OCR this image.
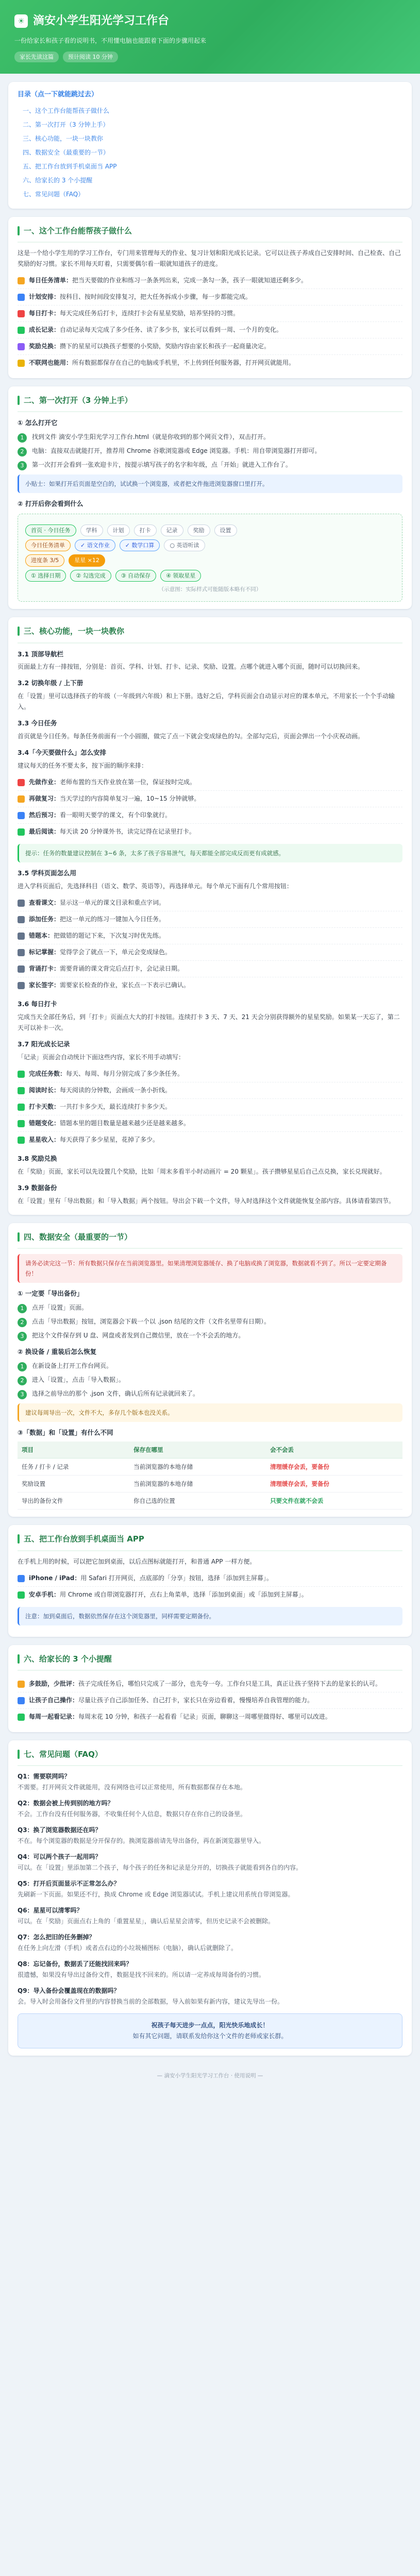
☀ 滴安小学生阳光学习工作台
一份给家长和孩子看的说明书，不用懂电脑也能跟着下面的步骤用起来
家长先读这篇	预计阅读 10 分钟
目录（点一下就能跳过去）
一、这个工作台能帮孩子做什么
二、第一次打开（3 分钟上手）
三、核心功能，一块一块教你
四、数据安全（最重要的一节）
五、把工作台放到手机桌面当 APP
六、给家长的 3 个小提醒
七、常见问题（FAQ）
一、这个工作台能帮孩子做什么

这是一个给小学生用的学习工作台，专门用来管理每天的作业、复习计划和阳光成长记录。它可以让孩子养成自己安排时间、自己检查、自己奖励的好习惯。家长不用每天盯着，只需要偶尔看一眼就知道孩子的进度。

每日任务清单：把当天要做的作业和练习一条条列出来，完成一条勾一条，孩子一眼就知道还剩多少。
计划安排：按科目、按时间段安排复习，把大任务拆成小步骤，每一步都能完成。
每日打卡：每天完成任务后打卡，连续打卡会有星星奖励，培养坚持的习惯。
成长记录：自动记录每天完成了多少任务、读了多少书，家长可以看到一周、一个月的变化。
奖励兑换：攒下的星星可以换孩子想要的小奖励，奖励内容由家长和孩子一起商量决定。
不联网也能用：所有数据都保存在自己的电脑或手机里，不上传到任何服务器，打开网页就能用。
二、第一次打开（3 分钟上手）
① 怎么打开它
1	找到文件 滴安小学生阳光学习工作台.html（就是你收到的那个网页文件），双击打开。
2	电脑：直接双击就能打开，推荐用 Chrome 谷歌浏览器或 Edge 浏览器。手机：用自带浏览器打开即可。
3	第一次打开会看到一张欢迎卡片，按提示填写孩子的名字和年级，点「开始」就进入工作台了。
小贴士：如果打开后页面是空白的，试试换一个浏览器，或者把文件拖进浏览器窗口里打开。
② 打开后你会看到什么
首页 · 今日任务	学科	计划	打卡	记录	奖励	设置
今日任务清单	✓ 语文作业	✓ 数学口算	○ 英语听读
进度条 3/5	星星 ×12
① 选择日期	② 勾选完成	③ 自动保存	④ 领取星星
（示意图：实际样式可能随版本略有不同）
三、核心功能，一块一块教你
3.1 顶部导航栏

页面最上方有一排按钮，分别是：首页、学科、计划、打卡、记录、奖励、设置。点哪个就进入哪个页面，随时可以切换回来。

3.2 切换年级 / 上下册

在「设置」里可以选择孩子的年级（一年级到六年级）和上下册。选好之后，学科页面会自动显示对应的课本单元，不用家长一个个手动输入。

3.3 今日任务

首页就是今日任务。每条任务前面有一个小圆圈，做完了点一下就会变成绿色的勾。全部勾完后，页面会弹出一个小庆祝动画。

3.4「今天要做什么」怎么安排

建议每天的任务不要太多，按下面的顺序来排：

先做作业：老师布置的当天作业放在第一位，保证按时完成。
再做复习：当天学过的内容简单复习一遍，10~15 分钟就够。
然后预习：看一眼明天要学的课文，有个印象就行。
最后阅读：每天读 20 分钟课外书，读完记得在记录里打卡。
提示：任务的数量建议控制在 3~6 条，太多了孩子容易泄气，每天都能全部完成反而更有成就感。
3.5 学科页面怎么用

进入学科页面后，先选择科目（语文、数学、英语等），再选择单元。每个单元下面有几个常用按钮：

查看课文：显示这一单元的课文目录和重点字词。
添加任务：把这一单元的练习一键加入今日任务。
错题本：把做错的题记下来，下次复习时优先练。
标记掌握：觉得学会了就点一下，单元会变成绿色。
背诵打卡：需要背诵的课文背完后点打卡，会记录日期。
家长签字：需要家长检查的作业，家长点一下表示已确认。
3.6 每日打卡

完成当天全部任务后，到「打卡」页面点大大的打卡按钮。连续打卡 3 天、7 天、21 天会分别获得额外的星星奖励。如果某一天忘了，第二天可以补卡一次。

3.7 阳光成长记录

「记录」页面会自动统计下面这些内容，家长不用手动填写：

完成任务数：每天、每周、每月分别完成了多少条任务。
阅读时长：每天阅读的分钟数，会画成一条小折线。
打卡天数：一共打卡多少天，最长连续打卡多少天。
错题变化：错题本里的题目数量是越来越少还是越来越多。
星星收入：每天获得了多少星星，花掉了多少。
3.8 奖励兑换

在「奖励」页面，家长可以先设置几个奖励，比如「周末多看半小时动画片 = 20 颗星」。孩子攒够星星后自己点兑换，家长兑现就好。

3.9 数据备份

在「设置」里有「导出数据」和「导入数据」两个按钮。导出会下载一个文件，导入时选择这个文件就能恢复全部内容。具体请看第四节。

四、数据安全（最重要的一节）
请务必读完这一节：所有数据只保存在当前浏览器里。如果清理浏览器缓存、换了电脑或换了浏览器，数据就看不到了。所以一定要定期备份！
① 一定要「导出备份」
1	点开「设置」页面。
2	点击「导出数据」按钮，浏览器会下载一个以 .json 结尾的文件（文件名里带有日期）。
3	把这个文件保存到 U 盘、网盘或者发到自己微信里，放在一个不会丢的地方。
② 换设备 / 重装后怎么恢复
1	在新设备上打开工作台网页。
2	进入「设置」，点击「导入数据」。
3	选择之前导出的那个 .json 文件，确认后所有记录就回来了。
建议每周导出一次，文件不大，多存几个版本也没关系。
③「数据」和「设置」有什么不同
项目	保存在哪里	会不会丢
任务 / 打卡 / 记录	当前浏览器的本地存储	清理缓存会丢，要备份
奖励设置	当前浏览器的本地存储	清理缓存会丢，要备份
导出的备份文件	你自己选的位置	只要文件在就不会丢
五、把工作台放到手机桌面当 APP

在手机上用的时候，可以把它加到桌面，以后点图标就能打开，和普通 APP 一样方便。

iPhone / iPad：用 Safari 打开网页，点底部的「分享」按钮，选择「添加到主屏幕」。
安卓手机：用 Chrome 或自带浏览器打开，点右上角菜单，选择「添加到桌面」或「添加到主屏幕」。
注意：加到桌面后，数据依然保存在这个浏览器里，同样需要定期备份。
六、给家长的 3 个小提醒
多鼓励，少批评：孩子完成任务后，哪怕只完成了一部分，也先夸一夸。工作台只是工具，真正让孩子坚持下去的是家长的认可。
让孩子自己操作：尽量让孩子自己添加任务、自己打卡，家长只在旁边看着，慢慢培养自我管理的能力。
每周一起看记录：每周末花 10 分钟，和孩子一起看看「记录」页面，聊聊这一周哪里做得好、哪里可以改进。
七、常见问题（FAQ）
Q1：需要联网吗？
不需要。打开网页文件就能用，没有网络也可以正常使用，所有数据都保存在本地。
Q2：数据会被上传到别的地方吗？
不会。工作台没有任何服务器，不收集任何个人信息，数据只存在你自己的设备里。
Q3：换了浏览器数据还在吗？
不在。每个浏览器的数据是分开保存的。换浏览器前请先导出备份，再在新浏览器里导入。
Q4：可以两个孩子一起用吗？
可以。在「设置」里添加第二个孩子，每个孩子的任务和记录是分开的，切换孩子就能看到各自的内容。
Q5：打开后页面显示不正常怎么办？
先刷新一下页面。如果还不行，换成 Chrome 或 Edge 浏览器试试。手机上建议用系统自带浏览器。
Q6：星星可以清零吗？
可以。在「奖励」页面点右上角的「重置星星」，确认后星星会清零，但历史记录不会被删除。
Q7：怎么把旧的任务删掉？
在任务上向左滑（手机）或者点右边的小垃圾桶图标（电脑），确认后就删除了。
Q8：忘记备份，数据丢了还能找回来吗？
很遗憾，如果没有导出过备份文件，数据是找不回来的。所以请一定养成每周备份的习惯。
Q9：导入备份会覆盖现在的数据吗？
会。导入时会用备份文件里的内容替换当前的全部数据，导入前如果有新内容，建议先导出一份。
祝孩子每天进步一点点，阳光快乐地成长！
如有其它问题，请联系发给你这个文件的老师或家长群。
— 滴安小学生阳光学习工作台 · 使用说明 —
